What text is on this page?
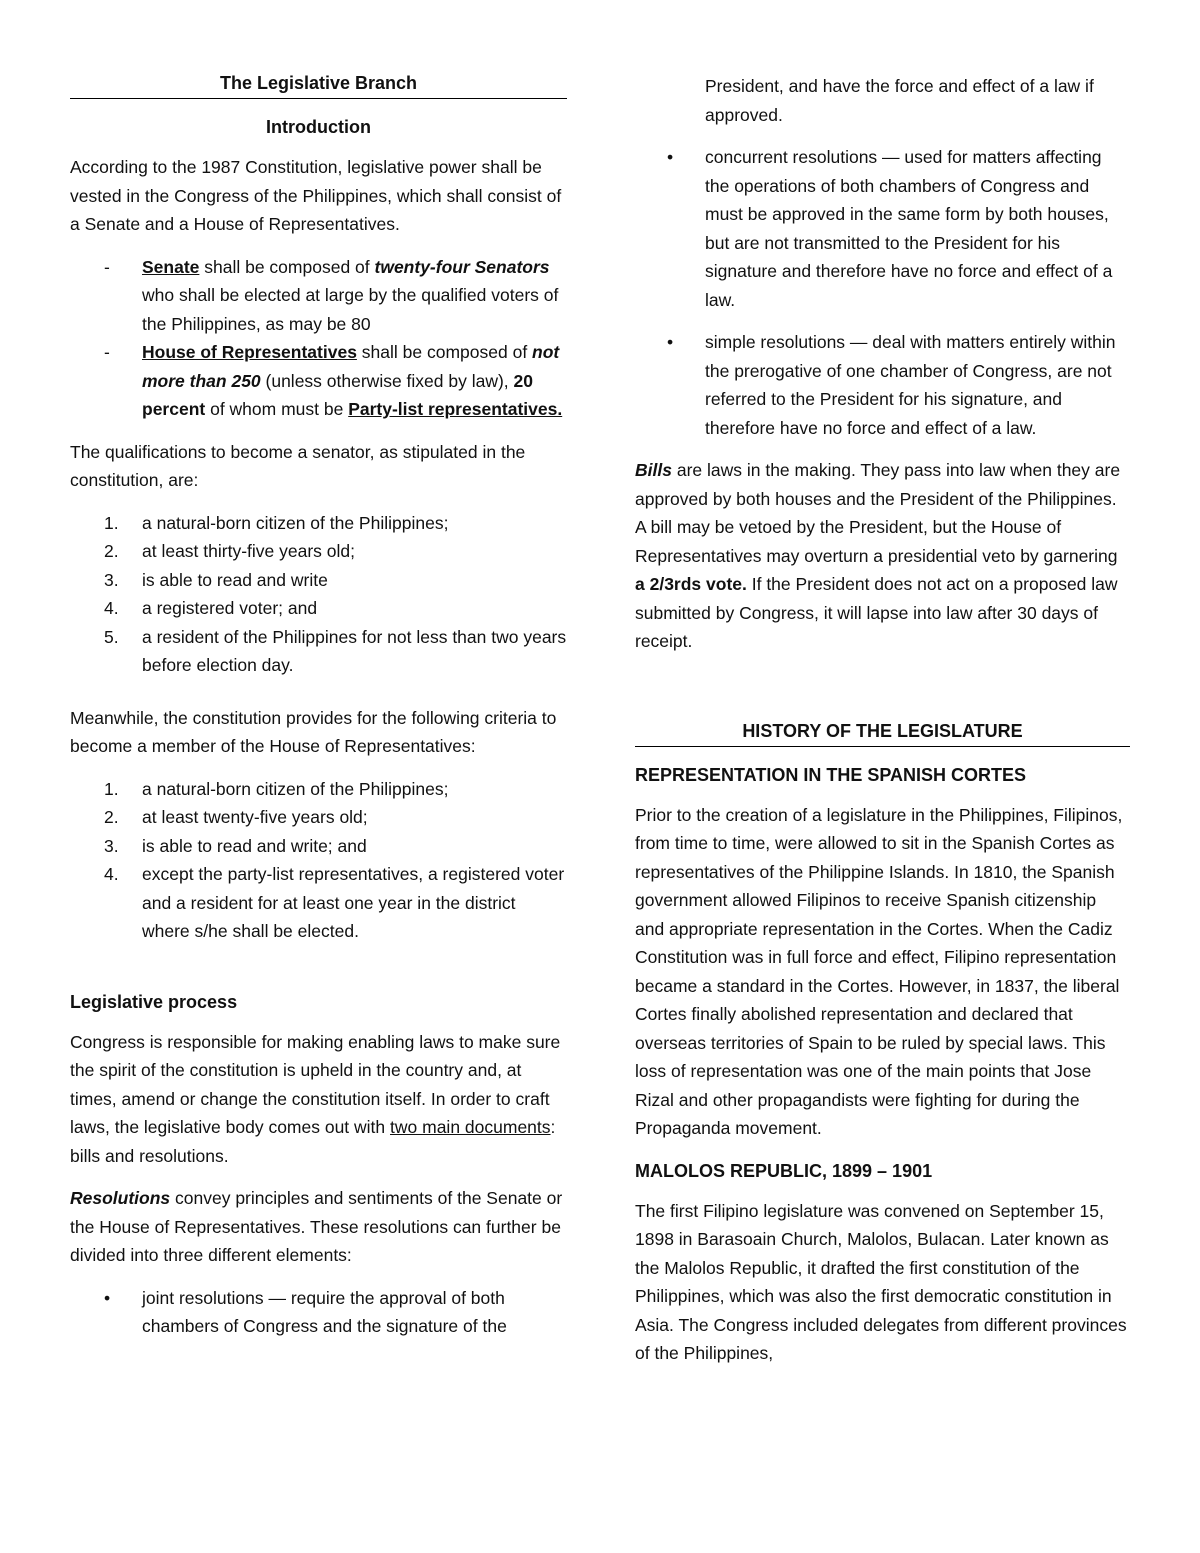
The Legislative Branch
Introduction

According to the 1987 Constitution, legislative power shall be vested in the Congress of the Philippines, which shall consist of a Senate and a House of Representatives.

- Senate shall be composed of twenty-four Senators who shall be elected at large by the qualified voters of the Philippines, as may be 80
- House of Representatives shall be composed of not more than 250 (unless otherwise fixed by law), 20 percent of whom must be Party-list representatives.

The qualifications to become a senator, as stipulated in the constitution, are:

1. a natural-born citizen of the Philippines;
2. at least thirty-five years old;
3. is able to read and write
4. a registered voter; and
5. a resident of the Philippines for not less than two years before election day.

Meanwhile, the constitution provides for the following criteria to become a member of the House of Representatives:

1. a natural-born citizen of the Philippines;
2. at least twenty-five years old;
3. is able to read and write; and
4. except the party-list representatives, a registered voter and a resident for at least one year in the district where s/he shall be elected.
Legislative process

Congress is responsible for making enabling laws to make sure the spirit of the constitution is upheld in the country and, at times, amend or change the constitution itself. In order to craft laws, the legislative body comes out with two main documents: bills and resolutions.

Resolutions convey principles and sentiments of the Senate or the House of Representatives. These resolutions can further be divided into three different elements:

• joint resolutions — require the approval of both chambers of Congress and the signature of the

President, and have the force and effect of a law if approved.

• concurrent resolutions — used for matters affecting the operations of both chambers of Congress and must be approved in the same form by both houses, but are not transmitted to the President for his signature and therefore have no force and effect of a law.
• simple resolutions — deal with matters entirely within the prerogative of one chamber of Congress, are not referred to the President for his signature, and therefore have no force and effect of a law.

Bills are laws in the making. They pass into law when they are approved by both houses and the President of the Philippines. A bill may be vetoed by the President, but the House of Representatives may overturn a presidential veto by garnering a 2/3rds vote. If the President does not act on a proposed law submitted by Congress, it will lapse into law after 30 days of receipt.

HISTORY OF THE LEGISLATURE
REPRESENTATION IN THE SPANISH CORTES

Prior to the creation of a legislature in the Philippines, Filipinos, from time to time, were allowed to sit in the Spanish Cortes as representatives of the Philippine Islands. In 1810, the Spanish government allowed Filipinos to receive Spanish citizenship and appropriate representation in the Cortes. When the Cadiz Constitution was in full force and effect, Filipino representation became a standard in the Cortes. However, in 1837, the liberal Cortes finally abolished representation and declared that overseas territories of Spain to be ruled by special laws. This loss of representation was one of the main points that Jose Rizal and other propagandists were fighting for during the Propaganda movement.

MALOLOS REPUBLIC, 1899 – 1901

The first Filipino legislature was convened on September 15, 1898 in Barasoain Church, Malolos, Bulacan. Later known as the Malolos Republic, it drafted the first constitution of the Philippines, which was also the first democratic constitution in Asia. The Congress included delegates from different provinces of the Philippines,
